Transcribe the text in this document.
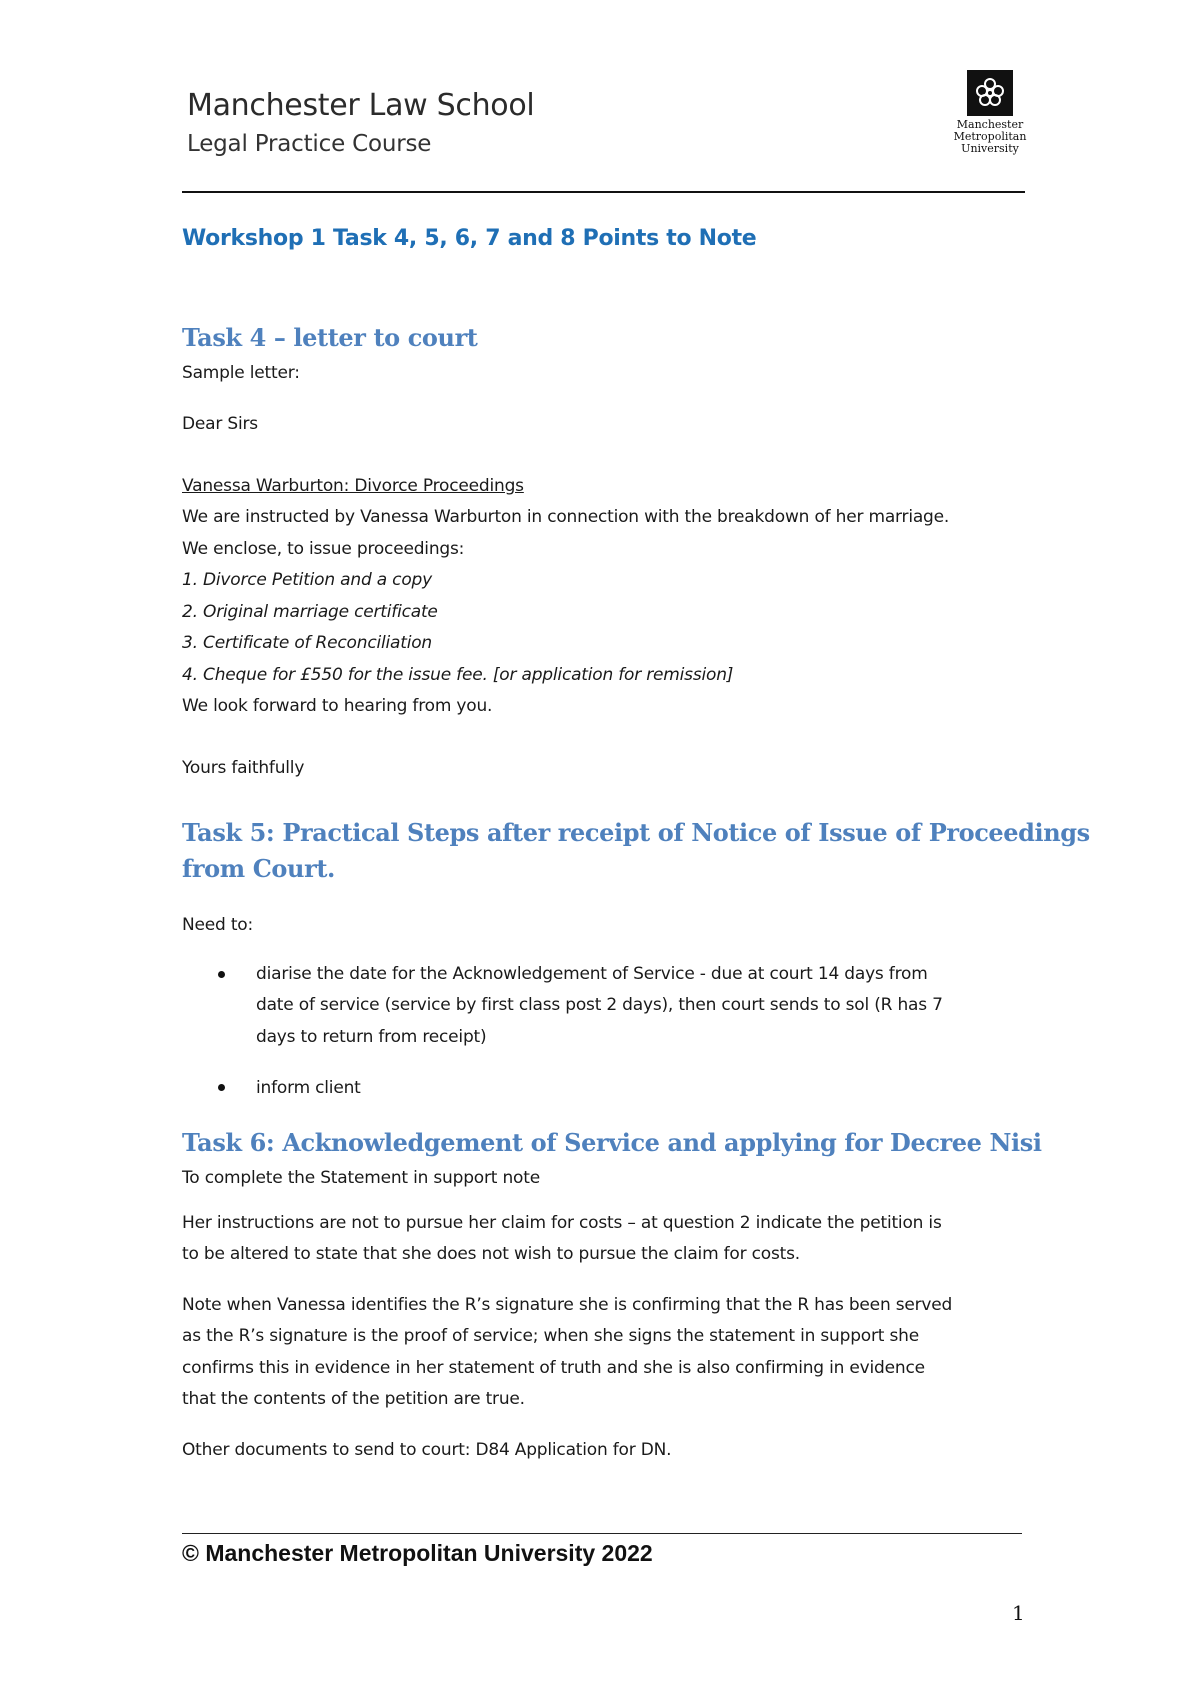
Manchester Law School
Legal Practice Course
Manchester
Metropolitan
University
Workshop 1 Task 4, 5, 6, 7 and 8 Points to Note
Task 4 – letter to court
Sample letter:
Dear Sirs
Vanessa Warburton: Divorce Proceedings
We are instructed by Vanessa Warburton in connection with the breakdown of her marriage.
We enclose, to issue proceedings:
1. Divorce Petition and a copy
2. Original marriage certificate
3. Certificate of Reconciliation
4. Cheque for £550 for the issue fee. [or application for remission]
We look forward to hearing from you.
Yours faithfully
Task 5: Practical Steps after receipt of Notice of Issue of Proceedings
from Court.
Need to:
diarise the date for the Acknowledgement of Service - due at court 14 days from
date of service (service by first class post 2 days), then court sends to sol (R has 7
days to return from receipt)
inform client
Task 6: Acknowledgement of Service and applying for Decree Nisi
To complete the Statement in support note
Her instructions are not to pursue her claim for costs – at question 2 indicate the petition is
to be altered to state that she does not wish to pursue the claim for costs.
Note when Vanessa identifies the R’s signature she is confirming that the R has been served
as the R’s signature is the proof of service; when she signs the statement in support she
confirms this in evidence in her statement of truth and she is also confirming in evidence
that the contents of the petition are true.
Other documents to send to court: D84 Application for DN.
© Manchester Metropolitan University 2022
1
